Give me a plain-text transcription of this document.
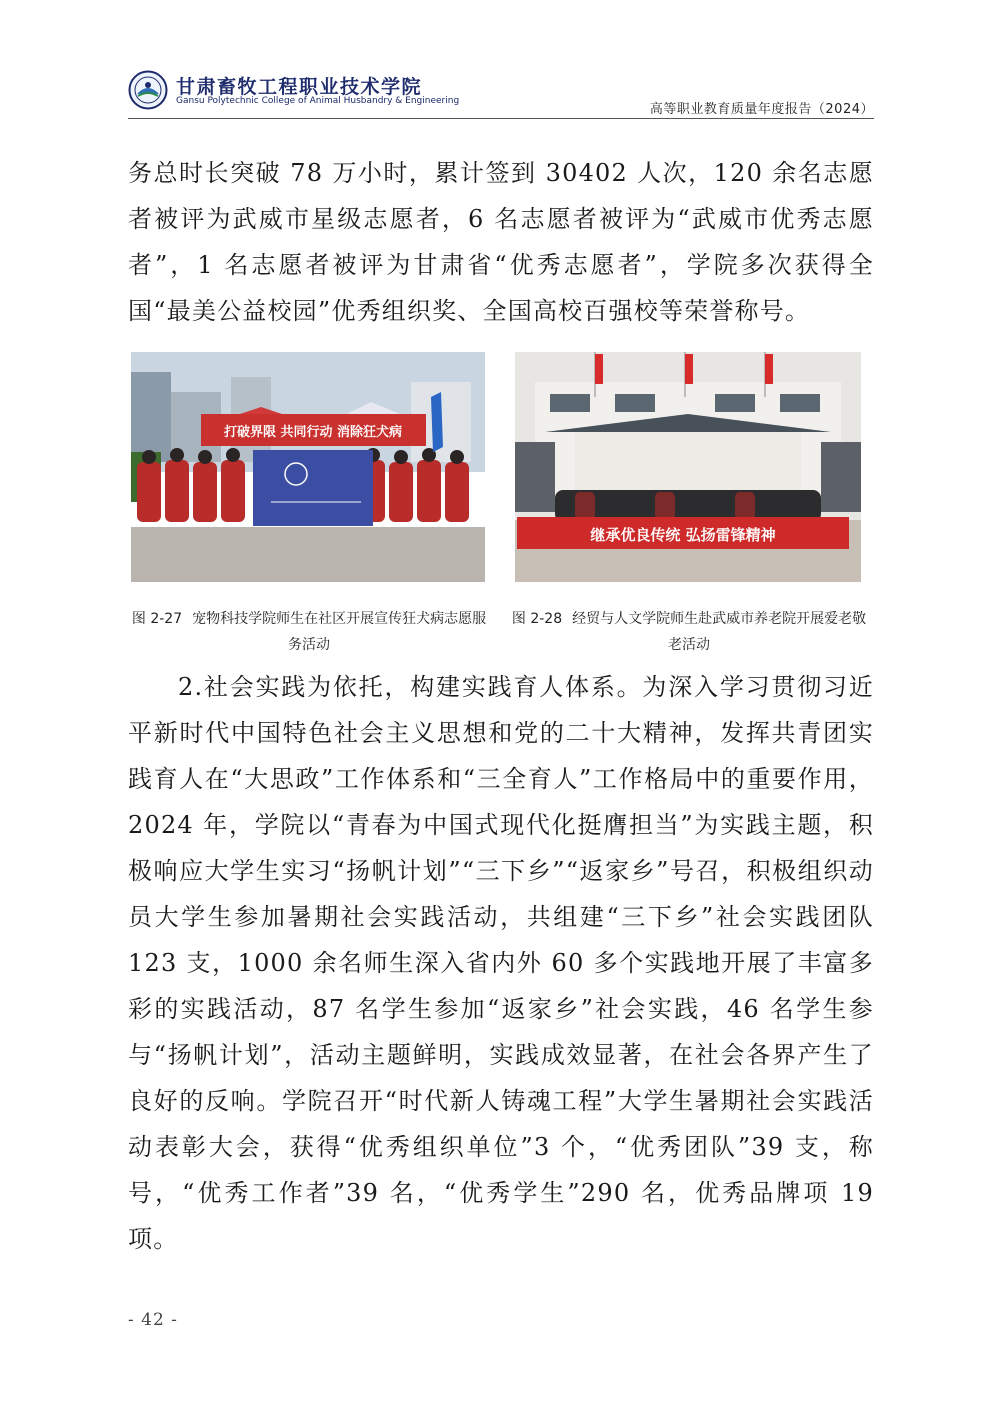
甘肃畜牧工程职业技术学院
Gansu Polytechnic College of Animal Husbandry & Engineering
高等职业教育质量年度报告（2024）
务总时长突破 78 万小时，累计签到 30402 人次，120 余名志愿者被评为武威市星级志愿者，6 名志愿者被评为“武威市优秀志愿者”，1 名志愿者被评为甘肃省“优秀志愿者”，学院多次获得全国“最美公益校园”优秀组织奖、全国高校百强校等荣誉称号。
打破界限 共同行动 消除狂犬病
继承优良传统 弘扬雷锋精神
图 2-27 宠物科技学院师生在社区开展宣传狂犬病志愿服务活动
图 2-28 经贸与人文学院师生赴武威市养老院开展爱老敬老活动
2.社会实践为依托，构建实践育人体系。为深入学习贯彻习近平新时代中国特色社会主义思想和党的二十大精神，发挥共青团实践育人在“大思政”工作体系和“三全育人”工作格局中的重要作用，2024 年，学院以“青春为中国式现代化挺膺担当”为实践主题，积极响应大学生实习“扬帆计划”“三下乡”“返家乡”号召，积极组织动员大学生参加暑期社会实践活动，共组建“三下乡”社会实践团队 123 支，1000 余名师生深入省内外 60 多个实践地开展了丰富多彩的实践活动，87 名学生参加“返家乡”社会实践，46 名学生参与“扬帆计划”，活动主题鲜明，实践成效显著，在社会各界产生了良好的反响。学院召开“时代新人铸魂工程”大学生暑期社会实践活动表彰大会，获得“优秀组织单位”3 个，“优秀团队”39 支，称号，“优秀工作者”39 名，“优秀学生”290 名，优秀品牌项 19 项。
- 42 -
